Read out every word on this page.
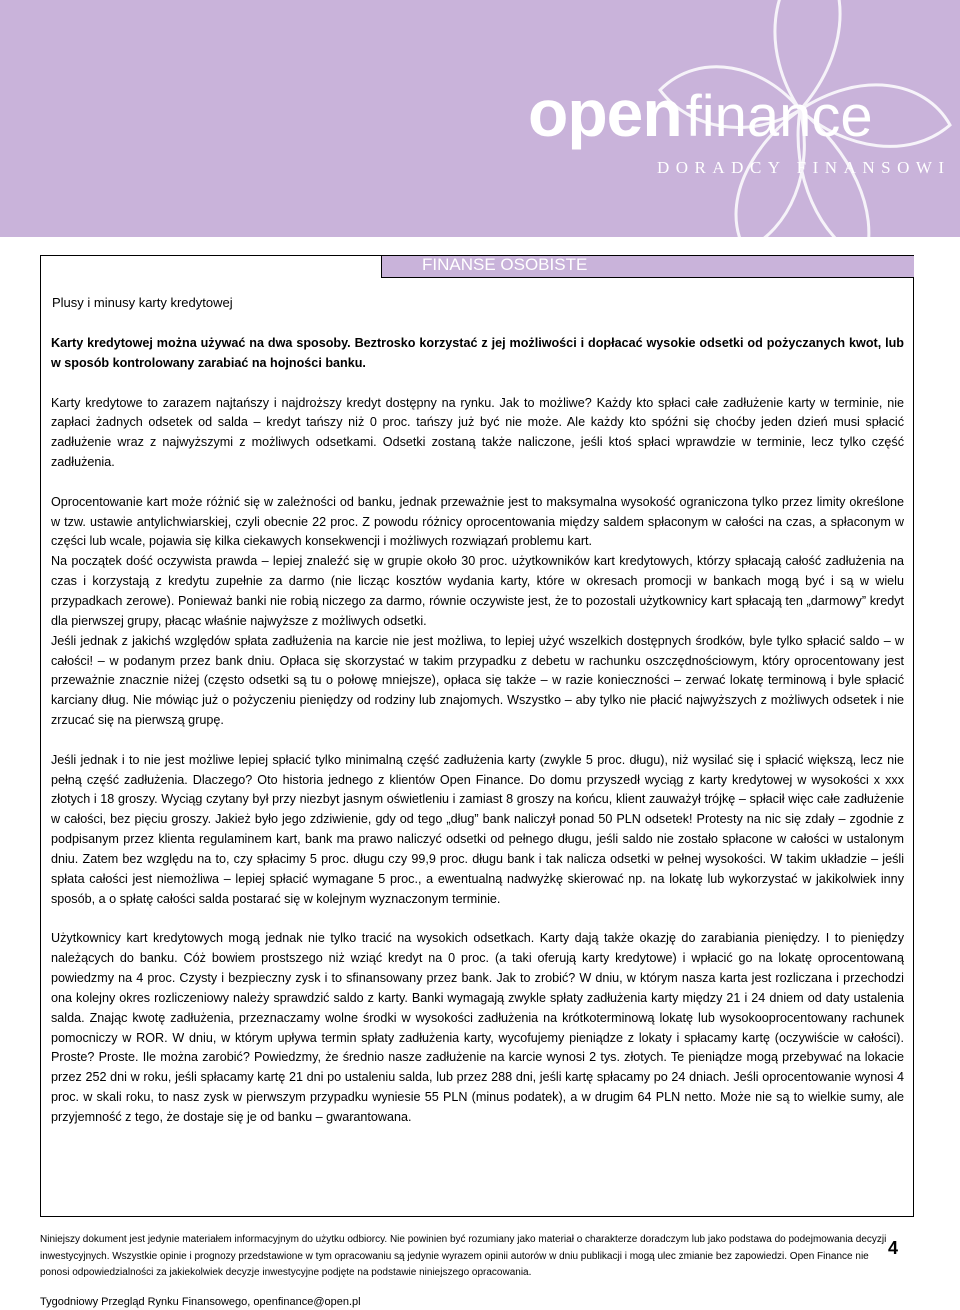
openfinance
DORADCY FINANSOWI
FINANSE OSOBISTE
Plusy i minusy karty kredytowej

Karty kredytowej można używać na dwa sposoby. Beztrosko korzystać z jej możliwości i dopłacać wysokie odsetki od pożyczanych kwot, lub w sposób kontrolowany zarabiać na hojności banku.

Karty kredytowe to zarazem najtańszy i najdroższy kredyt dostępny na rynku. Jak to możliwe? Każdy kto spłaci całe zadłużenie karty w terminie, nie zapłaci żadnych odsetek od salda – kredyt tańszy niż 0 proc. tańszy już być nie może. Ale każdy kto spóźni się choćby jeden dzień musi spłacić zadłużenie wraz z najwyższymi z możliwych odsetkami. Odsetki zostaną także naliczone, jeśli ktoś spłaci wprawdzie w terminie, lecz tylko część zadłużenia.

Oprocentowanie kart może różnić się w zależności od banku, jednak przeważnie jest to maksymalna wysokość ograniczona tylko przez limity określone w tzw. ustawie antylichwiarskiej, czyli obecnie 22 proc. Z powodu różnicy oprocentowania między saldem spłaconym w całości na czas, a spłaconym w części lub wcale, pojawia się kilka ciekawych konsekwencji i możliwych rozwiązań problemu kart.

Na początek dość oczywista prawda – lepiej znaleźć się w grupie około 30 proc. użytkowników kart kredytowych, którzy spłacają całość zadłużenia na czas i korzystają z kredytu zupełnie za darmo (nie licząc kosztów wydania karty, które w okresach promocji w bankach mogą być i są w wielu przypadkach zerowe). Ponieważ banki nie robią niczego za darmo, równie oczywiste jest, że to pozostali użytkownicy kart spłacają ten „darmowy” kredyt dla pierwszej grupy, płacąc właśnie najwyższe z możliwych odsetki.

Jeśli jednak z jakichś względów spłata zadłużenia na karcie nie jest możliwa, to lepiej użyć wszelkich dostępnych środków, byle tylko spłacić saldo – w całości! – w podanym przez bank dniu. Opłaca się skorzystać w takim przypadku z debetu w rachunku oszczędnościowym, który oprocentowany jest przeważnie znacznie niżej (często odsetki są tu o połowę mniejsze), opłaca się także – w razie konieczności – zerwać lokatę terminową i byle spłacić karciany dług. Nie mówiąc już o pożyczeniu pieniędzy od rodziny lub znajomych. Wszystko – aby tylko nie płacić najwyższych z możliwych odsetek i nie zrzucać się na pierwszą grupę.

Jeśli jednak i to nie jest możliwe lepiej spłacić tylko minimalną część zadłużenia karty (zwykle 5 proc. długu), niż wysilać się i spłacić większą, lecz nie pełną część zadłużenia. Dlaczego? Oto historia jednego z klientów Open Finance. Do domu przyszedł wyciąg z karty kredytowej w wysokości x xxx złotych i 18 groszy. Wyciąg czytany był przy niezbyt jasnym oświetleniu i zamiast 8 groszy na końcu, klient zauważył trójkę – spłacił więc całe zadłużenie w całości, bez pięciu groszy. Jakież było jego zdziwienie, gdy od tego „dług” bank naliczył ponad 50 PLN odsetek! Protesty na nic się zdały – zgodnie z podpisanym przez klienta regulaminem kart, bank ma prawo naliczyć odsetki od pełnego długu, jeśli saldo nie zostało spłacone w całości w ustalonym dniu. Zatem bez względu na to, czy spłacimy 5 proc. długu czy 99,9 proc. długu bank i tak nalicza odsetki w pełnej wysokości. W takim układzie – jeśli spłata całości jest niemożliwa – lepiej spłacić wymagane 5 proc., a ewentualną nadwyżkę skierować np. na lokatę lub wykorzystać w jakikolwiek inny sposób, a o spłatę całości salda postarać się w kolejnym wyznaczonym terminie.

Użytkownicy kart kredytowych mogą jednak nie tylko tracić na wysokich odsetkach. Karty dają także okazję do zarabiania pieniędzy. I to pieniędzy należących do banku. Cóż bowiem prostszego niż wziąć kredyt na 0 proc. (a taki oferują karty kredytowe) i wpłacić go na lokatę oprocentowaną powiedzmy na 4 proc. Czysty i bezpieczny zysk i to sfinansowany przez bank. Jak to zrobić? W dniu, w którym nasza karta jest rozliczana i przechodzi ona kolejny okres rozliczeniowy należy sprawdzić saldo z karty. Banki wymagają zwykle spłaty zadłużenia karty między 21 i 24 dniem od daty ustalenia salda. Znając kwotę zadłużenia, przeznaczamy wolne środki w wysokości zadłużenia na krótkoterminową lokatę lub wysokooprocentowany rachunek pomocniczy w ROR. W dniu, w którym upływa termin spłaty zadłużenia karty, wycofujemy pieniądze z lokaty i spłacamy kartę (oczywiście w całości). Proste? Proste. Ile można zarobić? Powiedzmy, że średnio nasze zadłużenie na karcie wynosi 2 tys. złotych. Te pieniądze mogą przebywać na lokacie przez 252 dni w roku, jeśli spłacamy kartę 21 dni po ustaleniu salda, lub przez 288 dni, jeśli kartę spłacamy po 24 dniach. Jeśli oprocentowanie wynosi 4 proc. w skali roku, to nasz zysk w pierwszym przypadku wyniesie 55 PLN (minus podatek), a w drugim 64 PLN netto. Może nie są to wielkie sumy, ale przyjemność z tego, że dostaje się je od banku – gwarantowana.

Niniejszy dokument jest jedynie materiałem informacyjnym do użytku odbiorcy. Nie powinien być rozumiany jako materiał o charakterze doradczym lub jako podstawa do podejmowania decyzji inwestycyjnych. Wszystkie opinie i prognozy przedstawione w tym opracowaniu są jedynie wyrazem opinii autorów w dniu publikacji i mogą ulec zmianie bez zapowiedzi. Open Finance nie ponosi odpowiedzialności za jakiekolwiek decyzje inwestycyjne podjęte na podstawie niniejszego opracowania.
4
Tygodniowy Przegląd Rynku Finansowego, openfinance@open.pl
